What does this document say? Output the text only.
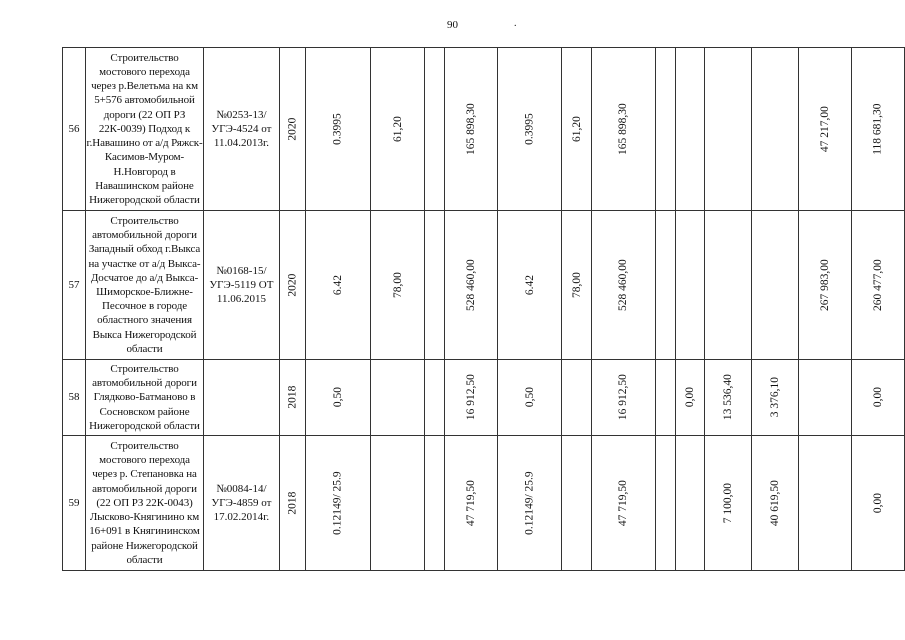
90	.
56	Строительство мостового перехода через р.Велетьма на км 5+576 автомобильной дороги (22 ОП РЗ 22К-0039) Подход к г.Навашино от а/д Ряжск-Касимов-Муром-Н.Новгород в Навашинском районе Нижегородской области	№0253-13/УГЭ-4524 от 11.04.2013г.	2020	0.3995	61,20		165 898,30	0.3995	61,20	165 898,30					47 217,00	118 681,30
57	Строительство автомобильной дороги Западный обход г.Выкса на участке от а/д Выкса-Досчатое до а/д Выкса-Шиморское-Ближне-Песочное в городе областного значения Выкса Нижегородской области	№0168-15/УГЭ-5119 ОТ 11.06.2015	2020	6.42	78,00		528 460,00	6.42	78,00	528 460,00					267 983,00	260 477,00
58	Строительство автомобильной дороги Глядково-Батманово в Сосновском районе Нижегородской области		2018	0,50			16 912,50	0,50		16 912,50		0,00	13 536,40	3 376,10		0,00
59	Строительство мостового перехода через р. Степановка на автомобильной дороги (22 ОП РЗ 22К-0043) Лысково-Княгинино км 16+091 в Княгининском районе Нижегородской области	№0084-14/УГЭ-4859 от 17.02.2014г.	2018	0.12149/ 25.9			47 719,50	0.12149/ 25.9		47 719,50			7 100,00	40 619,50		0,00
